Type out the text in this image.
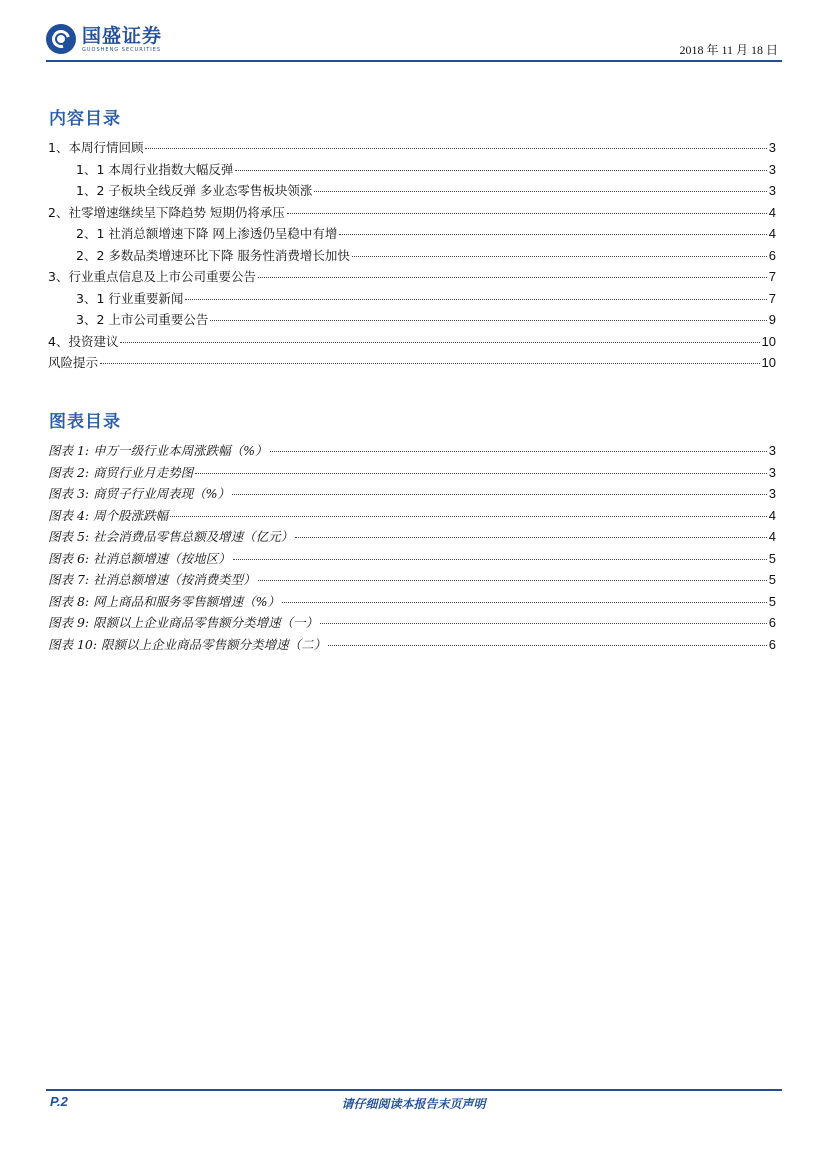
国盛证券
GUOSHENG SECURITIES	2018 年 11 月 18 日
内容目录
1、本周行情回顾	3
1、1 本周行业指数大幅反弹	3
1、2 子板块全线反弹 多业态零售板块领涨	3
2、社零增速继续呈下降趋势 短期仍将承压	4
2、1 社消总额增速下降 网上渗透仍呈稳中有增	4
2、2 多数品类增速环比下降 服务性消费增长加快	6
3、行业重点信息及上市公司重要公告	7
3、1 行业重要新闻	7
3、2 上市公司重要公告	9
4、投资建议	10
风险提示	10
图表目录
图表 1: 申万一级行业本周涨跌幅（%）	3
图表 2: 商贸行业月走势图	3
图表 3: 商贸子行业周表现（%）	3
图表 4: 周个股涨跌幅	4
图表 5: 社会消费品零售总额及增速（亿元）	4
图表 6: 社消总额增速（按地区）	5
图表 7: 社消总额增速（按消费类型）	5
图表 8: 网上商品和服务零售额增速（%）	5
图表 9: 限额以上企业商品零售额分类增速（一）	6
图表 10: 限额以上企业商品零售额分类增速（二）	6
P.2	请仔细阅读本报告末页声明
